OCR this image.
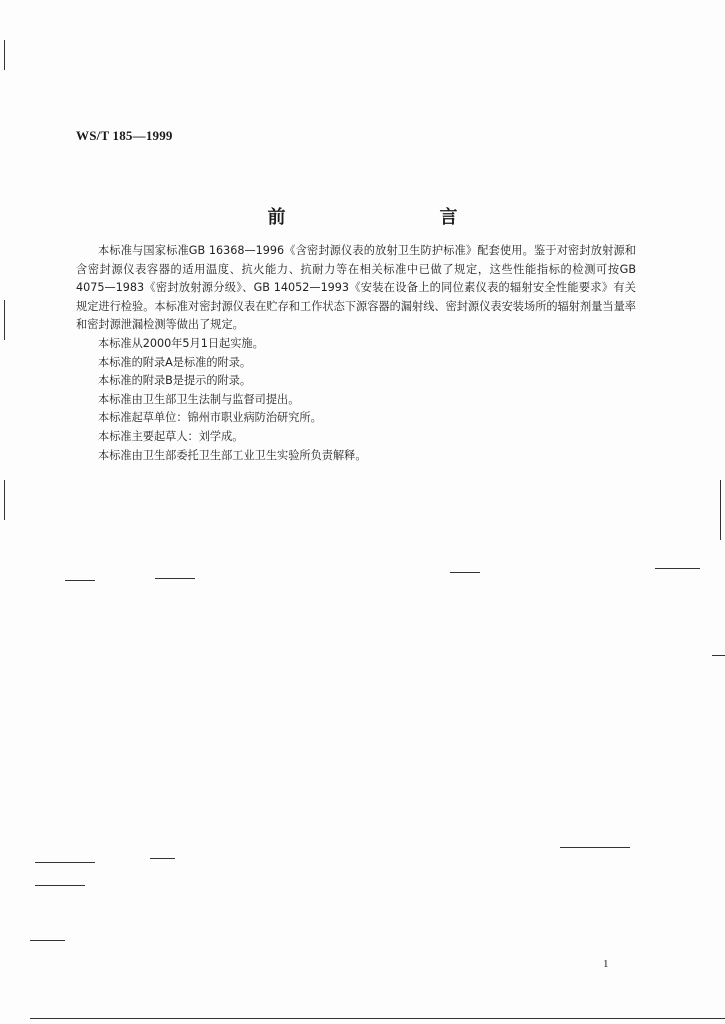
WS/T 185—1999
前　言

本标准与国家标准GB 16368—1996《含密封源仪表的放射卫生防护标准》配套使用。鉴于对密封放射源和含密封源仪表容器的适用温度、抗火能力、抗耐力等在相关标准中已做了规定，这些性能指标的检测可按GB 4075—1983《密封放射源分级》、GB 14052—1993《安装在设备上的同位素仪表的辐射安全性能要求》有关规定进行检验。本标准对密封源仪表在贮存和工作状态下源容器的漏射线、密封源仪表安装场所的辐射剂量当量率和密封源泄漏检测等做出了规定。

本标准从2000年5月1日起实施。

本标准的附录A是标准的附录。

本标准的附录B是提示的附录。

本标准由卫生部卫生法制与监督司提出。

本标准起草单位：锦州市职业病防治研究所。

本标准主要起草人：刘学成。

本标准由卫生部委托卫生部工业卫生实验所负责解释。

1
